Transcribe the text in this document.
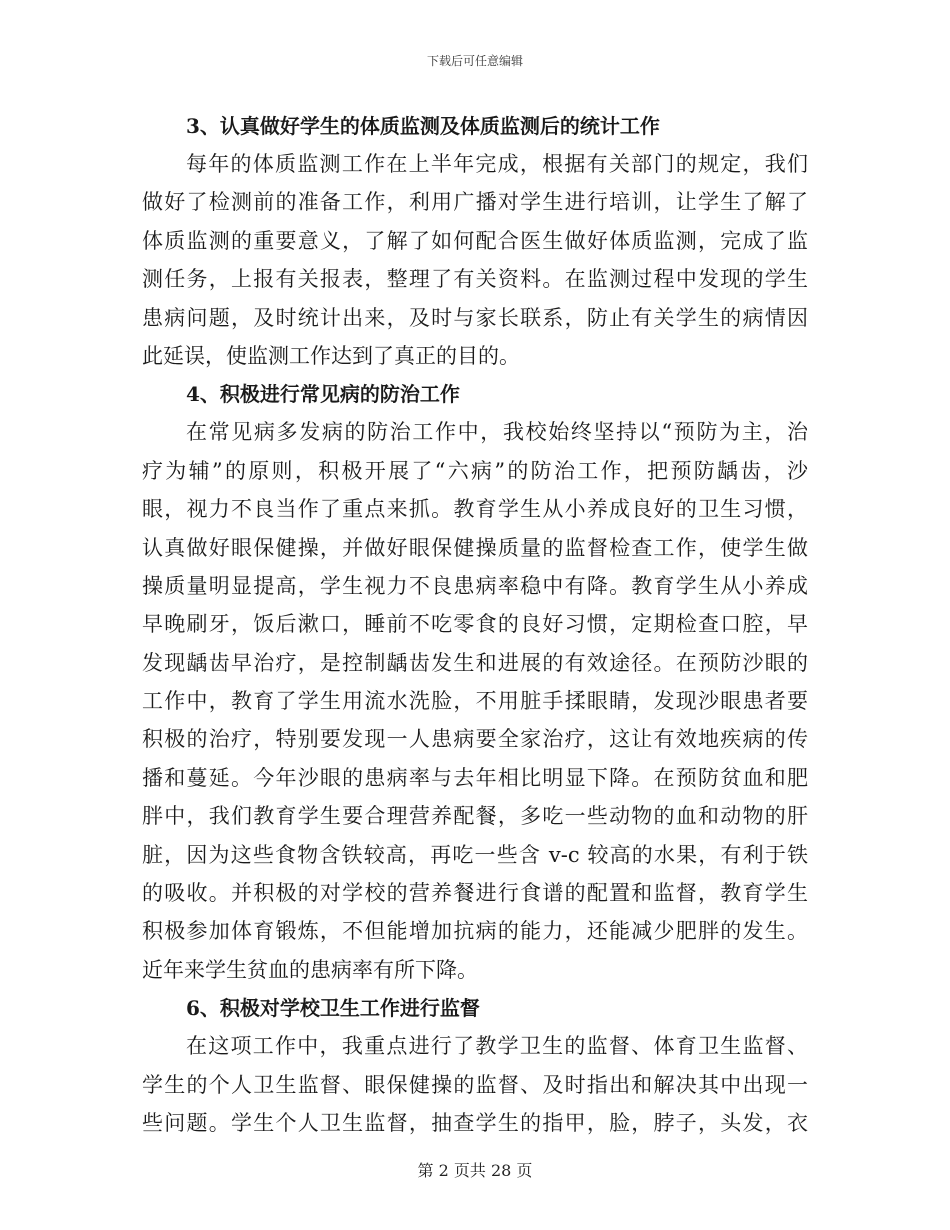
下载后可任意编辑
3、认真做好学生的体质监测及体质监测后的统计工作
每年的体质监测工作在上半年完成，根据有关部门的规定，我们
做好了检测前的准备工作，利用广播对学生进行培训，让学生了解了
体质监测的重要意义，了解了如何配合医生做好体质监测，完成了监
测任务，上报有关报表，整理了有关资料。在监测过程中发现的学生
患病问题，及时统计出来，及时与家长联系，防止有关学生的病情因
此延误，使监测工作达到了真正的目的。
4、积极进行常见病的防治工作
在常见病多发病的防治工作中，我校始终坚持以“预防为主，治
疗为辅”的原则，积极开展了“六病”的防治工作，把预防龋齿，沙
眼，视力不良当作了重点来抓。教育学生从小养成良好的卫生习惯，
认真做好眼保健操，并做好眼保健操质量的监督检查工作，使学生做
操质量明显提高，学生视力不良患病率稳中有降。教育学生从小养成
早晚刷牙，饭后漱口，睡前不吃零食的良好习惯，定期检查口腔，早
发现龋齿早治疗，是控制龋齿发生和进展的有效途径。在预防沙眼的
工作中，教育了学生用流水洗脸，不用脏手揉眼睛，发现沙眼患者要
积极的治疗，特别要发现一人患病要全家治疗，这让有效地疾病的传
播和蔓延。今年沙眼的患病率与去年相比明显下降。在预防贫血和肥
胖中，我们教育学生要合理营养配餐，多吃一些动物的血和动物的肝
脏，因为这些食物含铁较高，再吃一些含 v-c 较高的水果，有利于铁
的吸收。并积极的对学校的营养餐进行食谱的配置和监督，教育学生
积极参加体育锻炼，不但能增加抗病的能力，还能减少肥胖的发生。
近年来学生贫血的患病率有所下降。
6、积极对学校卫生工作进行监督
在这项工作中，我重点进行了教学卫生的监督、体育卫生监督、
学生的个人卫生监督、眼保健操的监督、及时指出和解决其中出现一
些问题。学生个人卫生监督，抽查学生的指甲，脸，脖子，头发，衣
第 2 页共 28 页
